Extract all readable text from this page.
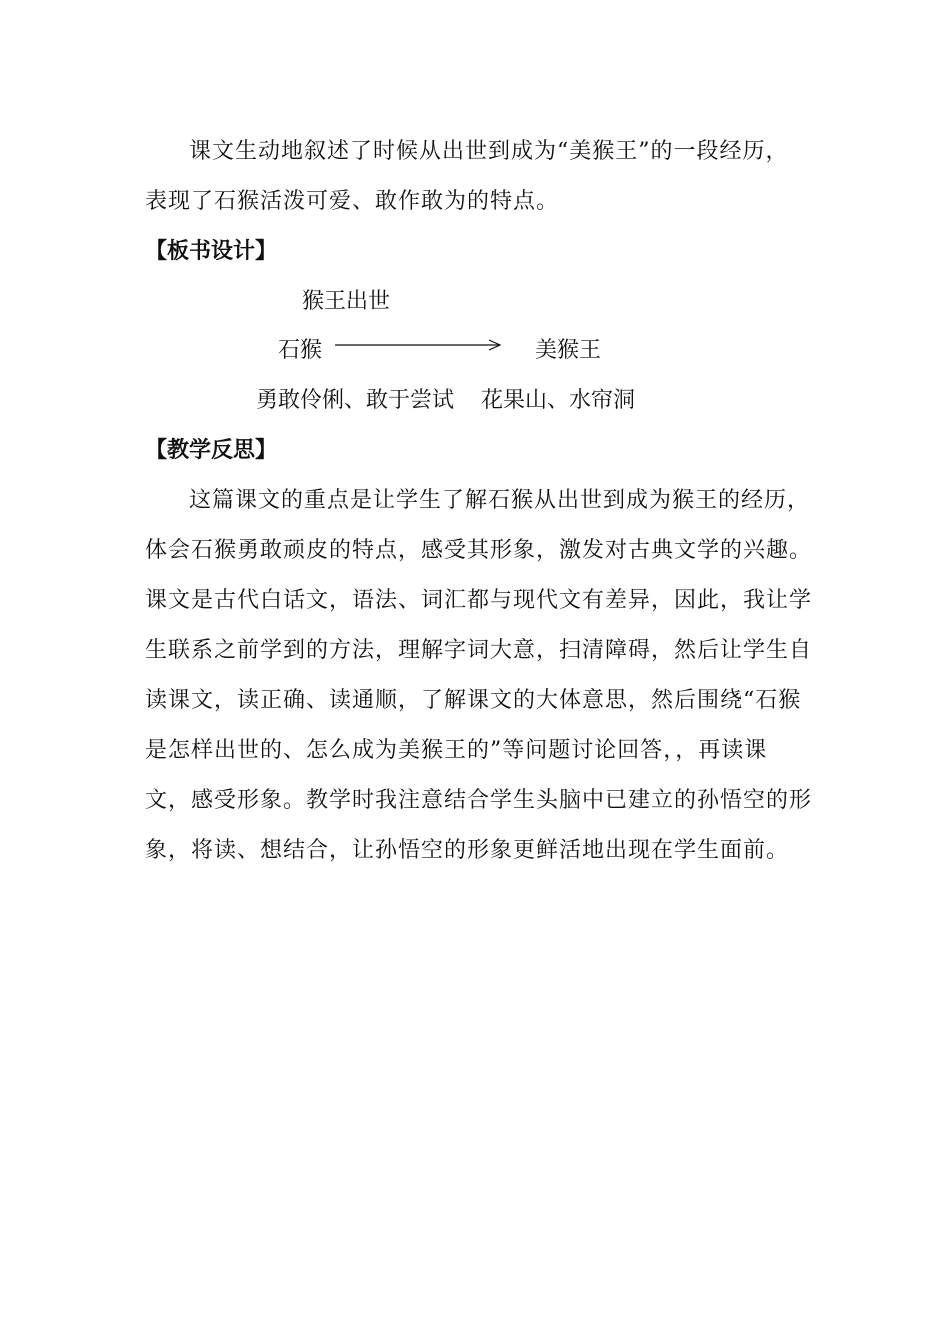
课文生动地叙述了时候从出世到成为“美猴王”的一段经历，
表现了石猴活泼可爱、敢作敢为的特点。
【板书设计】
猴王出世
石猴	美猴王
勇敢伶俐、敢于尝试 花果山、水帘洞
【教学反思】
这篇课文的重点是让学生了解石猴从出世到成为猴王的经历，
体会石猴勇敢顽皮的特点，感受其形象，激发对古典文学的兴趣。
课文是古代白话文，语法、词汇都与现代文有差异，因此，我让学
生联系之前学到的方法，理解字词大意，扫清障碍，然后让学生自
读课文，读正确、读通顺，了解课文的大体意思，然后围绕“石猴
是怎样出世的、怎么成为美猴王的”等问题讨论回答，，再读课
文，感受形象。教学时我注意结合学生头脑中已建立的孙悟空的形
象，将读、想结合，让孙悟空的形象更鲜活地出现在学生面前。
